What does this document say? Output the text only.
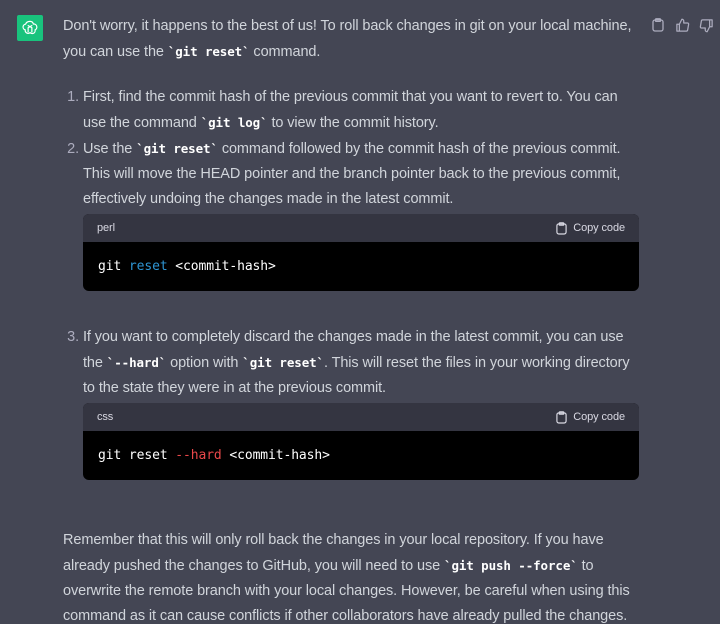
Don't worry, it happens to the best of us! To roll back changes in git on your local machine, you can use the `git reset` command.

1. First, find the commit hash of the previous commit that you want to revert to. You can use the command `git log` to view the commit history.
2. Use the `git reset` command followed by the commit hash of the previous commit. This will move the HEAD pointer and the branch pointer back to the previous commit, effectively undoing the changes made in the latest commit.
perl	Copy code
git reset <commit-hash>
3. If you want to completely discard the changes made in the latest commit, you can use the `--hard` option with `git reset`. This will reset the files in your working directory to the state they were in at the previous commit.
css	Copy code
git reset --hard <commit-hash>

Remember that this will only roll back the changes in your local repository. If you have already pushed the changes to GitHub, you will need to use `git push --force` to overwrite the remote branch with your local changes. However, be careful when using this command as it can cause conflicts if other collaborators have already pulled the changes.
